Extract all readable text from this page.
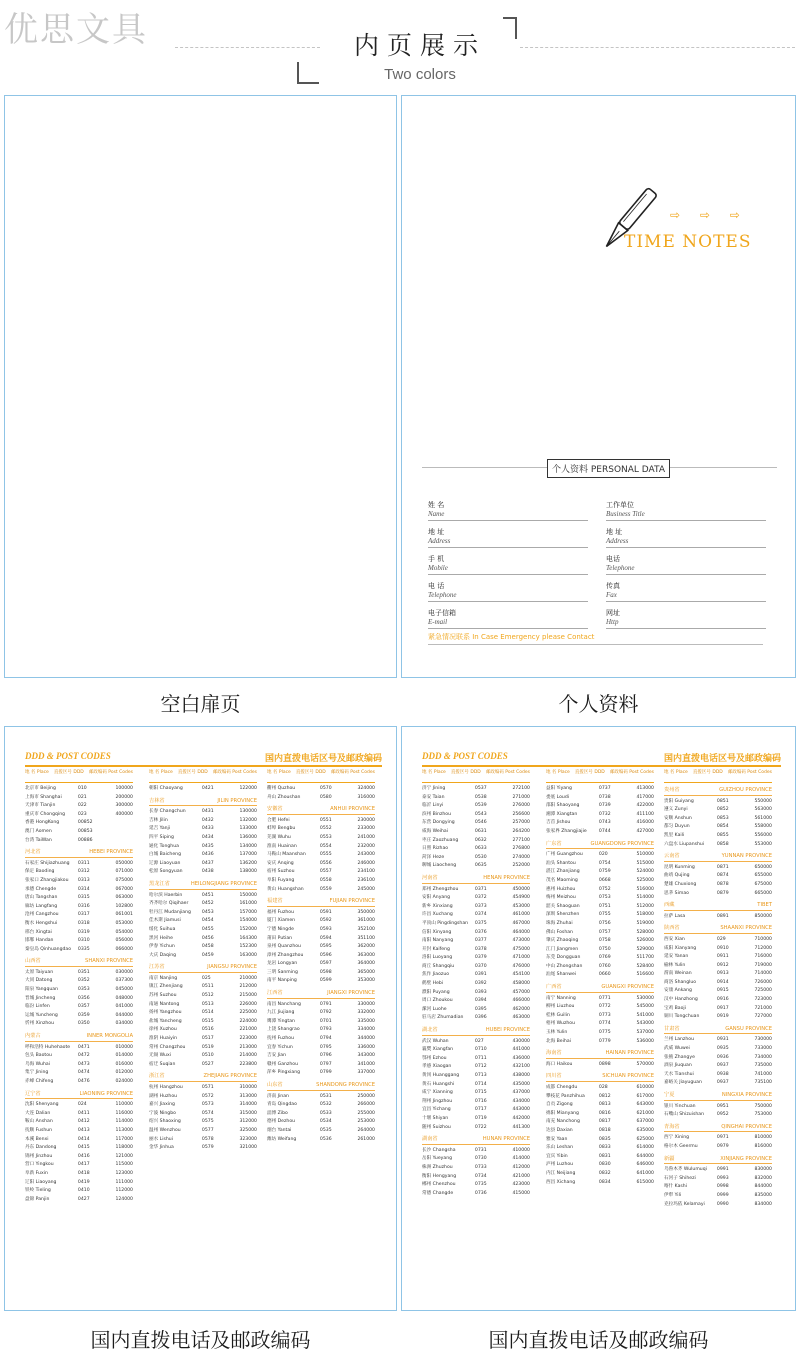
优思文具	内页展示
Two colors
空白扉页
⇨ ⇨ ⇨
TIME NOTES
个人资料 PERSONAL DATA
姓 名
Name
工作单位
Business Title
地 址
Address
地 址
Address
手 机
Mobile
电话
Telephone
电 话
Telephone
传真
Fax
电子信箱
E-mail
网址
Http
紧急情况联系 In Case Emergency please Contact
个人资料
DDD & POST CODES	国内直拨电话区号及邮政编码
地 名 Place 直拨区号 DDD 邮政编码 Post Codes
北京市 Beijing	010	100000
上海市 Shanghai	021	200000
天津市 Tianjin	022	300000
重庆市 Chongqing	023	400000
香港 HongKong	00852
澳门 Aomen	00853
台湾 TaiWan	00886
河北省	HEBEI PROVINCE
石家庄 Shijiazhuang	0311	050000
保定 Baoding	0312	071000
张家口 Zhangjiakou	0313	075000
承德 Chengde	0314	067000
唐山 Tangshan	0315	063000
廊坊 Langfang	0316	102800
沧州 Cangzhou	0317	061001
衡水 Hengshui	0318	053000
邢台 Xingtai	0319	054000
邯郸 Handan	0310	056000
秦皇岛 Qinhuangdao	0335	066000
山西省	SHANXI PROVINCE
太原 Taiyuan	0351	030000
大同 Datong	0352	037300
阳泉 Yangquan	0353	045000
晋城 Jincheng	0356	048000
临汾 Linfen	0357	041000
运城 Yuncheng	0359	044000
忻州 Xinzhou	0350	034000
内蒙古	INNER MONGOLIA
呼和浩特 Huhehaote	0471	010000
包头 Baotou	0472	014000
乌海 Wuhai	0473	016000
集宁 Jining	0474	012000
赤峰 Chifeng	0476	024000
辽宁省	LIAONING PROVINCE
沈阳 Shenyang	024	110000
大连 Dalian	0411	116000
鞍山 Anshan	0412	114000
抚顺 Fushun	0413	113000
本溪 Benxi	0414	117000
丹东 Dandong	0415	118000
锦州 Jinzhou	0416	121000
营口 Yingkou	0417	115000
阜新 Fuxin	0418	123000
辽阳 Liaoyang	0419	111000
铁岭 Tieling	0410	112000
盘锦 Panjin	0427	124000
地 名 Place 直拨区号 DDD 邮政编码 Post Codes
朝阳 Chaoyang	0421	122000
吉林省	JILIN PROVINCE
长春 Changchun	0431	130000
吉林 Jilin	0432	132000
延吉 Yanji	0433	133000
四平 Siping	0434	136000
通化 Tonghua	0435	134000
白城 Baicheng	0436	137000
辽源 Liaoyuan	0437	136200
松原 Songyuan	0438	138000
黑龙江省	HEILONGJIANG PROVINCE
哈尔滨 Haerbin	0451	150000
齐齐哈尔 Qiqihaer	0452	161000
牡丹江 Mudanjiang	0453	157000
佳木斯 Jiamusi	0454	154000
绥化 Suihua	0455	152000
黑河 Heihe	0456	164300
伊春 Yichun	0458	152300
大庆 Daqing	0459	163000
江苏省	JIANGSU PROVINCE
南京 Nanjing	025	210000
镇江 Zhenjiang	0511	212000
苏州 Suzhou	0512	215000
南通 Nantong	0513	226000
扬州 Yangzhou	0514	225000
盐城 Yancheng	0515	224000
徐州 Xuzhou	0516	221000
淮阴 Huaiyin	0517	223000
常州 Changzhou	0519	213000
无锡 Wuxi	0510	214000
宿迁 Suqian	0527	223800
浙江省	ZHEJIANG PROVINCE
杭州 Hangzhou	0571	310000
湖州 Huzhou	0572	313000
嘉兴 Jiaxing	0573	314000
宁波 Ningbo	0574	315000
绍兴 Shaoxing	0575	312000
温州 Wenzhou	0577	325000
丽水 Lishui	0578	323000
金华 Jinhua	0579	321000
地 名 Place 直拨区号 DDD 邮政编码 Post Codes
衢州 Quzhou	0570	324000
舟山 Zhoushan	0580	316000
安徽省	ANHUI PROVINCE
合肥 Hefei	0551	230000
蚌埠 Bengbu	0552	233000
芜湖 Wuhu	0553	241000
淮南 Huainan	0554	232000
马鞍山 Maanshan	0555	243000
安庆 Anqing	0556	246000
宿州 Suzhou	0557	234100
阜阳 Fuyang	0558	236100
黄山 Huangshan	0559	245000
福建省	FUJIAN PROVINCE
福州 Fuzhou	0591	350000
厦门 Xiamen	0592	361000
宁德 Ningde	0593	352100
莆田 Putian	0594	351100
泉州 Quanzhou	0595	362000
漳州 Zhangzhou	0596	363000
龙岩 Longyan	0597	364000
三明 Sanming	0598	365000
南平 Nanping	0599	353000
江西省	JIANGXI PROVINCE
南昌 Nanchang	0791	330000
九江 Jiujiang	0792	332000
鹰潭 Yingtan	0701	335000
上饶 Shangrao	0793	334000
抚州 Fuzhou	0794	344000
宜春 Yichun	0795	336000
吉安 Jian	0796	343000
赣州 Ganzhou	0797	341000
萍乡 Pingxiang	0799	337000
山东省	SHANDONG PROVINCE
济南 Jinan	0531	250000
青岛 Qingdao	0532	266000
淄博 Zibo	0533	255000
德州 Dezhou	0534	253000
烟台 Yantai	0535	264000
潍坊 Weifang	0536	261000
国内直拨电话及邮政编码
DDD & POST CODES	国内直拨电话区号及邮政编码
地 名 Place 直拨区号 DDD 邮政编码 Post Codes
济宁 Jining	0537	272100
泰安 Taian	0538	271000
临沂 Linyi	0539	276000
滨州 Binzhou	0543	256600
东营 Dongying	0546	257000
威海 Weihai	0631	264200
枣庄 Zaozhuang	0632	277100
日照 Rizhao	0633	276800
菏泽 Heze	0530	274000
聊城 Liaocheng	0635	252000
河南省	HENAN PROVINCE
郑州 Zhengzhou	0371	450000
安阳 Anyang	0372	454900
新乡 Xinxiang	0373	453000
许昌 Xuchang	0374	461000
平顶山 Pingdingshan	0375	467000
信阳 Xinyang	0376	464000
南阳 Nanyang	0377	473000
开封 Kaifeng	0378	475000
洛阳 Luoyang	0379	471000
商丘 Shangqiu	0370	476000
焦作 Jiaozuo	0391	454100
鹤壁 Hebi	0392	458000
濮阳 Puyang	0393	457000
周口 Zhoukou	0394	466000
漯河 Luohe	0395	462000
驻马店 Zhumadian	0396	463000
湖北省	HUBEI PROVINCE
武汉 Wuhan	027	430000
襄樊 Xiangfan	0710	441000
鄂州 Ezhou	0711	436000
孝感 Xiaogan	0712	432100
黄冈 Huanggang	0713	438000
黄石 Huangshi	0714	435000
咸宁 Xianning	0715	437000
荆州 Jingzhou	0716	434000
宜昌 Yichang	0717	443000
十堰 Shiyan	0719	442000
随州 Suizhou	0722	441300
湖南省	HUNAN PROVINCE
长沙 Changsha	0731	410000
岳阳 Yueyang	0730	414000
株洲 Zhuzhou	0733	412000
衡阳 Hengyang	0734	421000
郴州 Chenzhou	0735	423000
常德 Changde	0736	415000
地 名 Place 直拨区号 DDD 邮政编码 Post Codes
益阳 Yiyang	0737	413000
娄底 Loudi	0738	417000
邵阳 Shaoyang	0739	422000
湘潭 Xiangtan	0732	411100
吉首 Jishou	0743	416000
张家界 Zhangjiajie	0744	427000
广东省	GUANGDONG PROVINCE
广州 Guangzhou	020	510000
汕头 Shantou	0754	515000
湛江 Zhanjiang	0759	524000
茂名 Maoming	0668	525000
惠州 Huizhou	0752	516000
梅州 Meizhou	0753	514000
韶关 Shaoguan	0751	512000
深圳 Shenzhen	0755	518000
珠海 Zhuhai	0756	519000
佛山 Foshan	0757	528000
肇庆 Zhaoqing	0758	526000
江门 Jiangmen	0750	529000
东莞 Dongguan	0769	511700
中山 Zhongshan	0760	528400
汕尾 Shanwei	0660	516600
广西省	GUANGXI PROVINCE
南宁 Nanning	0771	530000
柳州 Liuzhou	0772	545000
桂林 Guilin	0773	541000
梧州 Wuzhou	0774	543000
玉林 Yulin	0775	537000
北海 Beihai	0779	536000
海南省	HAINAN PROVINCE
海口 Haikou	0898	570000
四川省	SICHUAN PROVINCE
成都 Chengdu	028	610000
攀枝花 Panzhihua	0812	617000
自贡 Zigong	0813	643000
绵阳 Mianyang	0816	621000
南充 Nanchong	0817	637000
达县 Daxian	0818	635000
雅安 Yaan	0835	625000
乐山 Leshan	0833	614000
宜宾 Yibin	0831	644000
泸州 Luzhou	0830	646000
内江 Neijiang	0832	641000
西昌 Xichang	0834	615000
地 名 Place 直拨区号 DDD 邮政编码 Post Codes
贵州省	GUIZHOU PROVINCE
贵阳 Guiyang	0851	550000
遵义 Zunyi	0852	563000
安顺 Anshun	0853	561000
都匀 Duyun	0854	558000
凯里 Kaili	0855	556000
六盘水 Liupanshui	0858	553000
云南省	YUNNAN PROVINCE
昆明 Kunming	0871	650000
曲靖 Qujing	0874	655000
楚雄 Chuxiong	0878	675000
思茅 Simao	0879	665000
西藏	TIBET
拉萨 Lasa	0891	850000
陕西省	SHAANXI PROVINCE
西安 Xian	029	710000
咸阳 Xianyang	0910	712000
延安 Yanan	0911	716000
榆林 Yulin	0912	719000
渭南 Weinan	0913	714000
商洛 Shangluo	0914	726000
安康 Ankang	0915	725000
汉中 Hanzhong	0916	723000
宝鸡 Baoji	0917	721000
铜川 Tongchuan	0919	727000
甘肃省	GANSU PROVINCE
兰州 Lanzhou	0931	730000
武威 Wuwei	0935	733000
张掖 Zhangye	0936	734000
酒泉 Jiuquan	0937	735000
天水 Tianshui	0938	741000
嘉峪关 Jiayuguan	0937	735100
宁夏	NINGXIA PROVINCE
银川 Yinchuan	0951	750000
石嘴山 Shizuishan	0952	753000
青海省	QINGHAI PROVINCE
西宁 Xining	0971	810000
格尔木 Geermu	0979	816000
新疆	XINJIANG PROVINCE
乌鲁木齐 Wulumuqi	0991	830000
石河子 Shihezi	0993	832000
喀什 Kashi	0998	844000
伊犁 Yili	0999	835000
克拉玛依 Kelamayi	0990	834000
国内直拨电话及邮政编码
